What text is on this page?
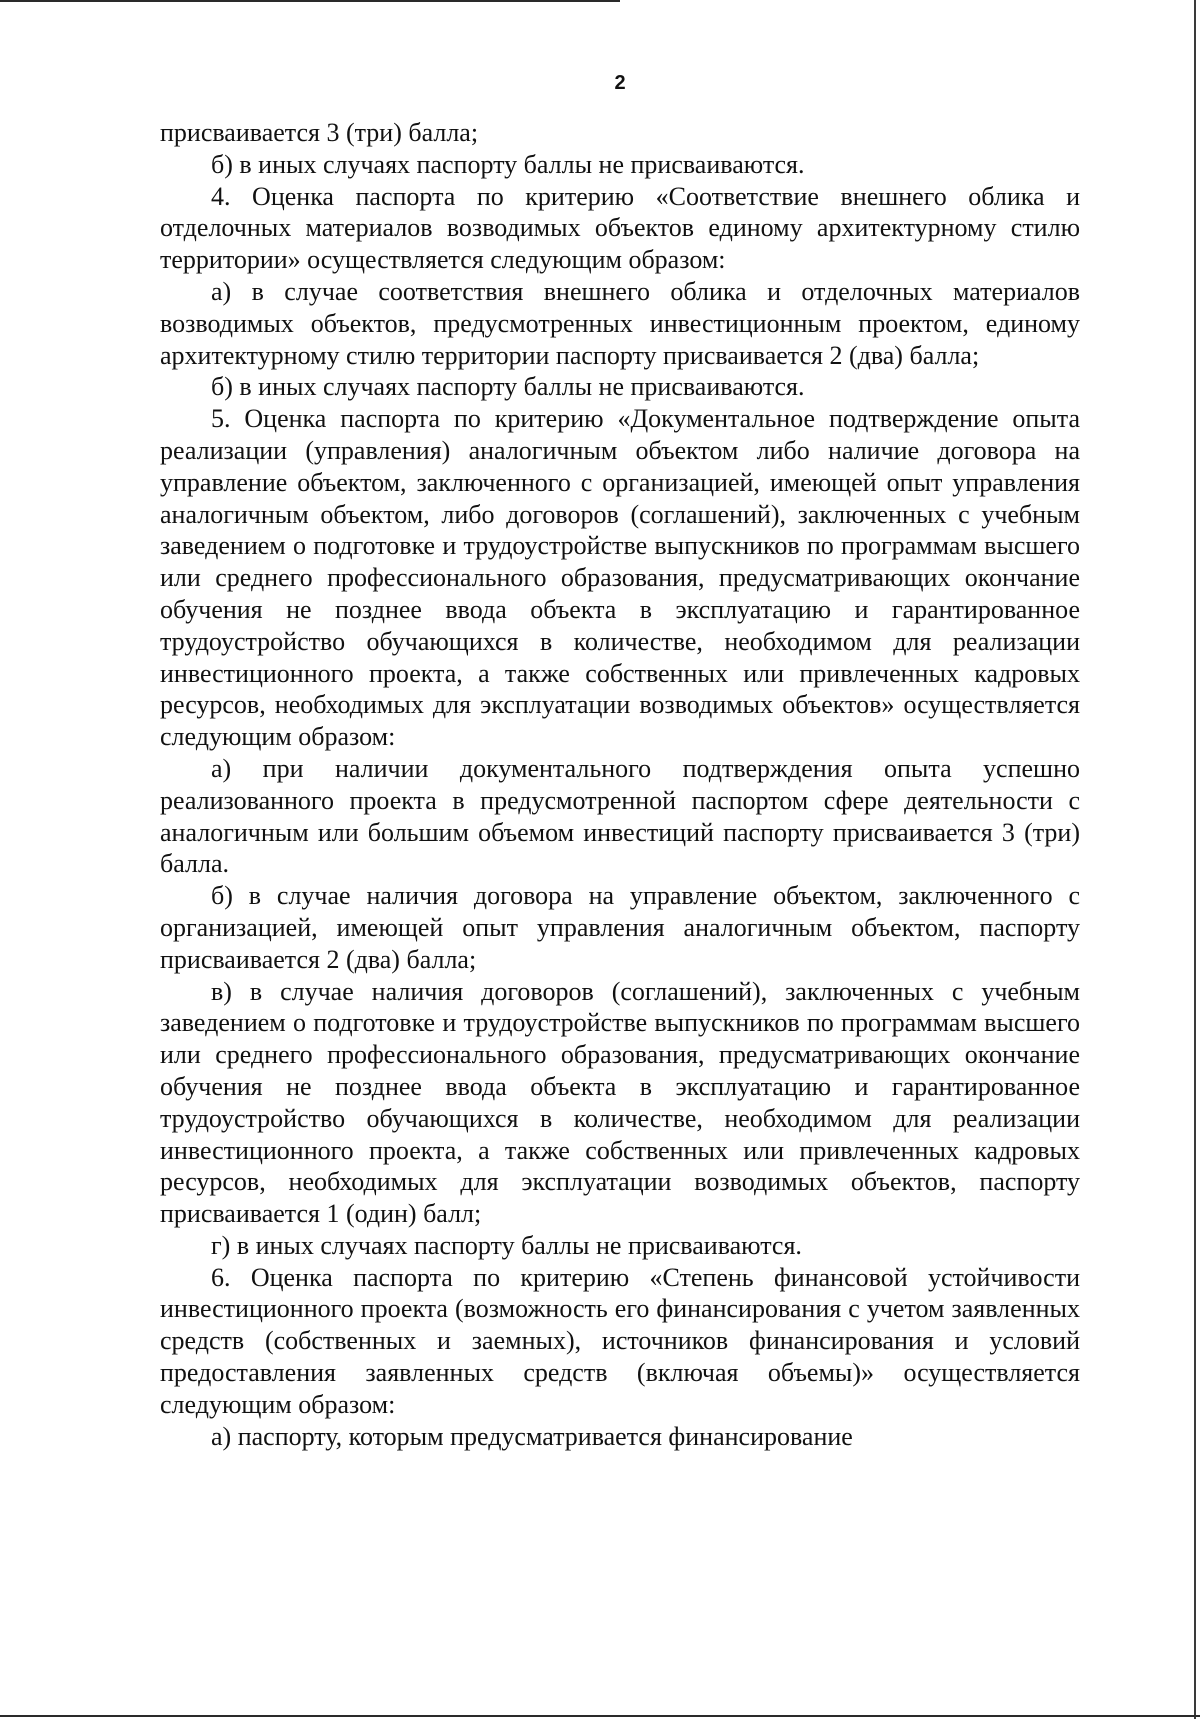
2

присваивается 3 (три) балла;

б) в иных случаях паспорту баллы не присваиваются.

4. Оценка паспорта по критерию «Соответствие внешнего облика и отделочных материалов возводимых объектов единому архитектурному стилю территории» осуществляется следующим образом:

а) в случае соответствия внешнего облика и отделочных материалов возводимых объектов, предусмотренных инвестиционным проектом, единому архитектурному стилю территории паспорту присваивается 2 (два) балла;

б) в иных случаях паспорту баллы не присваиваются.

5. Оценка паспорта по критерию «Документальное подтверждение опыта реализации (управления) аналогичным объектом либо наличие договора на управление объектом, заключенного с организацией, имеющей опыт управления аналогичным объектом, либо договоров (соглашений), заключенных с учебным заведением о подготовке и трудоустройстве выпускников по программам высшего или среднего профессионального образования, предусматривающих окончание обучения не позднее ввода объекта в эксплуатацию и гарантированное трудоустройство обучающихся в количестве, необходимом для реализации инвестиционного проекта, а также собственных или привлеченных кадровых ресурсов, необходимых для эксплуатации возводимых объектов» осуществляется следующим образом:

а) при наличии документального подтверждения опыта успешно реализованного проекта в предусмотренной паспортом сфере деятельности с аналогичным или большим объемом инвестиций паспорту присваивается 3 (три) балла.

б) в случае наличия договора на управление объектом, заключенного с организацией, имеющей опыт управления аналогичным объектом, паспорту присваивается 2 (два) балла;

в) в случае наличия договоров (соглашений), заключенных с учебным заведением о подготовке и трудоустройстве выпускников по программам высшего или среднего профессионального образования, предусматривающих окончание обучения не позднее ввода объекта в эксплуатацию и гарантированное трудоустройство обучающихся в количестве, необходимом для реализации инвестиционного проекта, а также собственных или привлеченных кадровых ресурсов, необходимых для эксплуатации возводимых объектов, паспорту присваивается 1 (один) балл;

г) в иных случаях паспорту баллы не присваиваются.

6. Оценка паспорта по критерию «Степень финансовой устойчивости инвестиционного проекта (возможность его финансирования с учетом заявленных средств (собственных и заемных), источников финансирования и условий предоставления заявленных средств (включая объемы)» осуществляется следующим образом:

а) паспорту, которым предусматривается финансирование
